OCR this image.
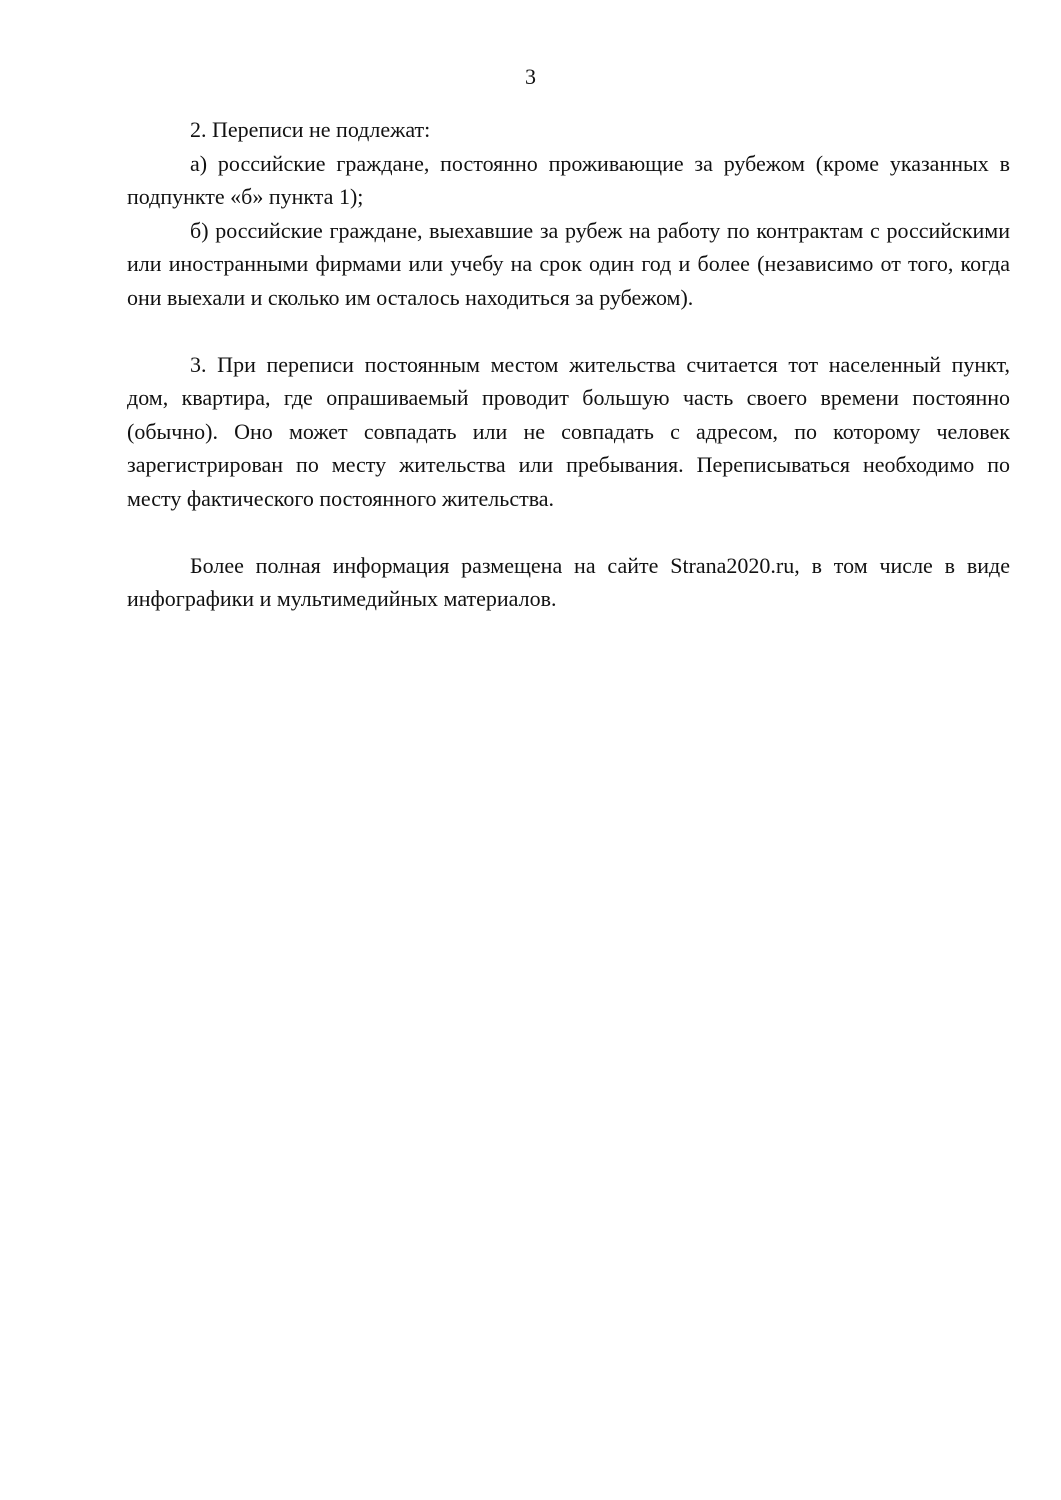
3

2. Переписи не подлежат:

а) российские граждане, постоянно проживающие за рубежом (кроме указанных в подпункте «б» пункта 1);

б) российские граждане, выехавшие за рубеж на работу по контрактам с российскими или иностранными фирмами или учебу на срок один год и более (независимо от того, когда они выехали и сколько им осталось находиться за рубежом).

3. При переписи постоянным местом жительства считается тот населенный пункт, дом, квартира, где опрашиваемый проводит большую часть своего времени постоянно (обычно). Оно может совпадать или не совпадать с адресом, по которому человек зарегистрирован по месту жительства или пребывания. Переписываться необходимо по месту фактического постоянного жительства.

Более полная информация размещена на сайте Strana2020.ru, в том числе в виде инфографики и мультимедийных материалов.
